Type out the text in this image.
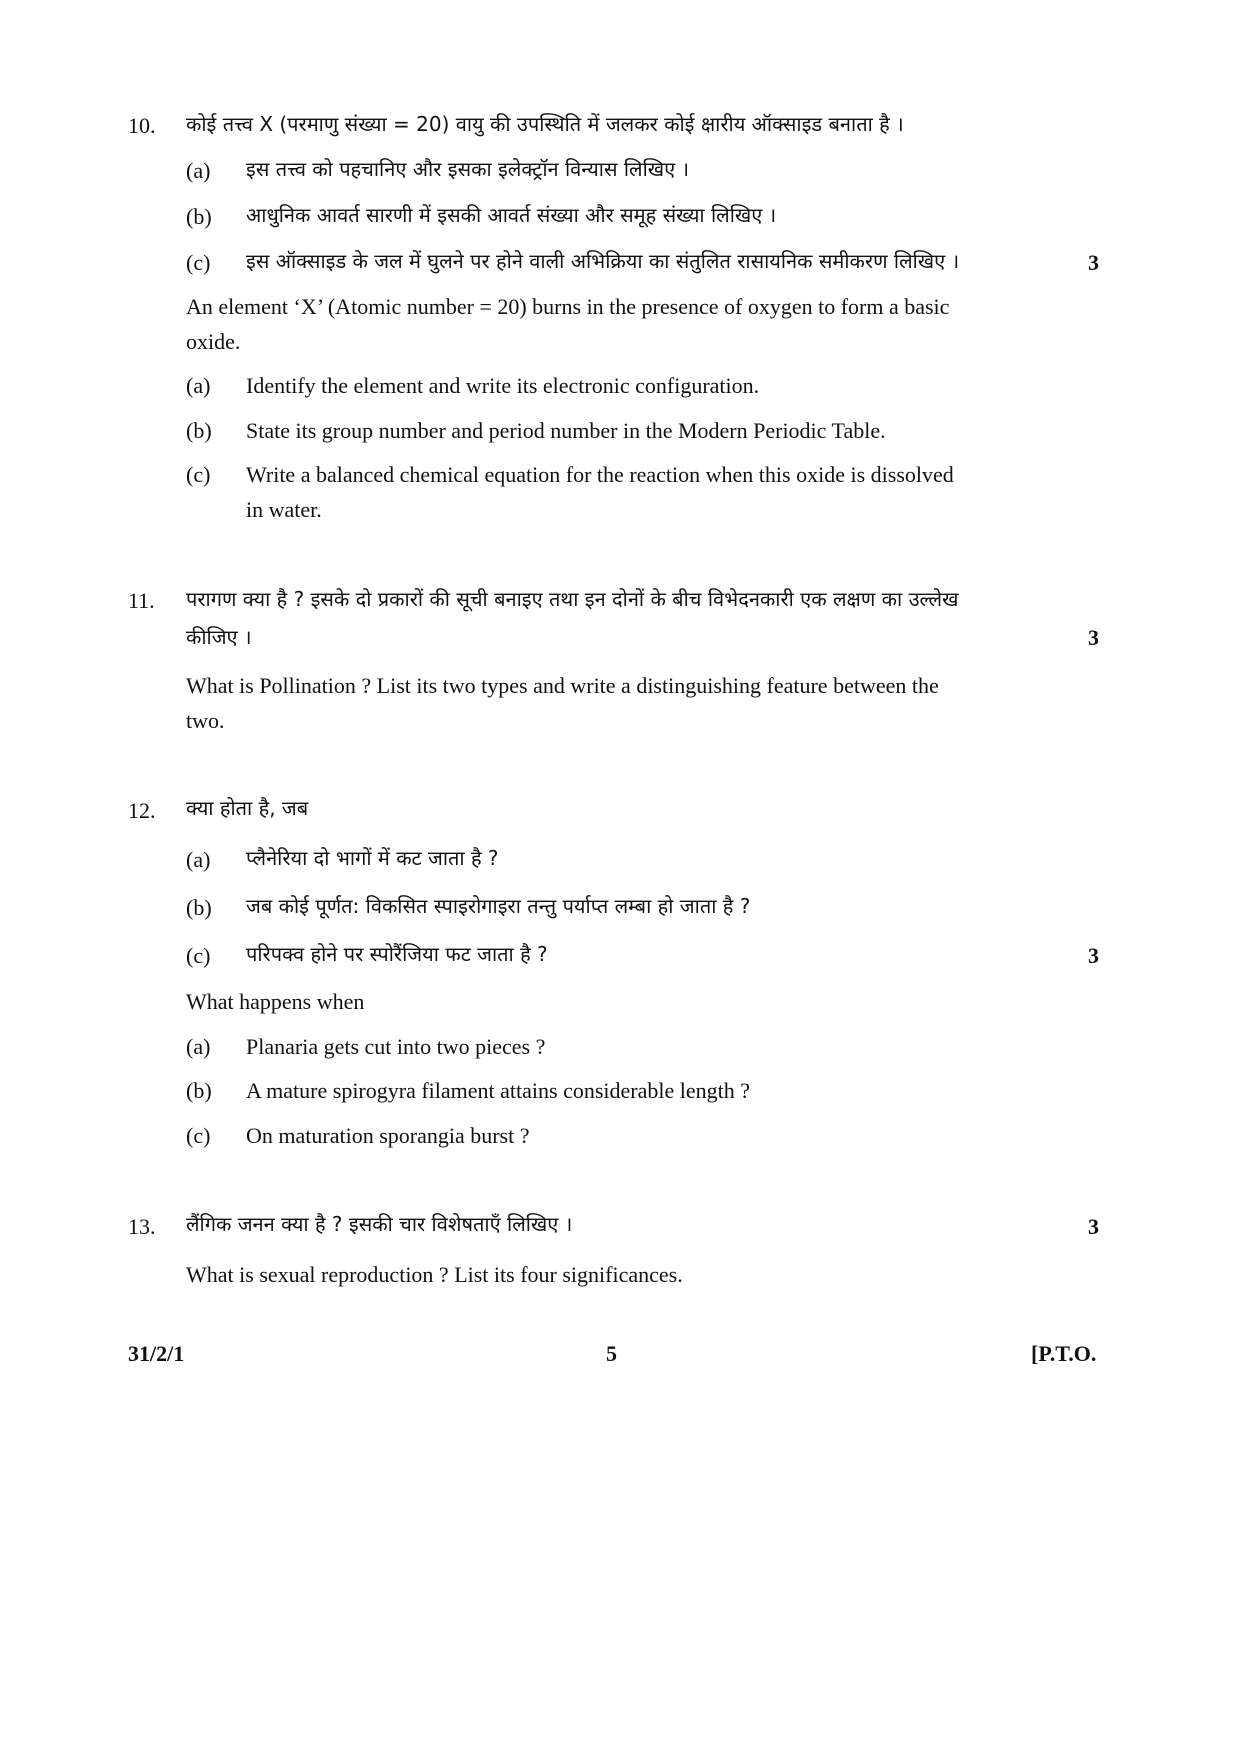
10. कोई तत्त्व X (परमाणु संख्या = 20) वायु की उपस्थिति में जलकर कोई क्षारीय ऑक्साइड बनाता है ।
(a) इस तत्त्व को पहचानिए और इसका इलेक्ट्रॉन विन्यास लिखिए ।
(b) आधुनिक आवर्त सारणी में इसकी आवर्त संख्या और समूह संख्या लिखिए ।
(c) इस ऑक्साइड के जल में घुलने पर होने वाली अभिक्रिया का संतुलित रासायनिक समीकरण लिखिए ।	3
An element ‘X’ (Atomic number = 20) burns in the presence of oxygen to form a basic
oxide.
(a) Identify the element and write its electronic configuration.
(b) State its group number and period number in the Modern Periodic Table.
(c) Write a balanced chemical equation for the reaction when this oxide is dissolved
in water.
11. परागण क्या है ? इसके दो प्रकारों की सूची बनाइए तथा इन दोनों के बीच विभेदनकारी एक लक्षण का उल्लेख
कीजिए ।	3
What is Pollination ? List its two types and write a distinguishing feature between the
two.
12. क्या होता है, जब
(a) प्लैनेरिया दो भागों में कट जाता है ?
(b) जब कोई पूर्णत: विकसित स्पाइरोगाइरा तन्तु पर्याप्त लम्बा हो जाता है ?
(c) परिपक्व होने पर स्पोरैंजिया फट जाता है ?	3
What happens when
(a) Planaria gets cut into two pieces ?
(b) A mature spirogyra filament attains considerable length ?
(c) On maturation sporangia burst ?
13. लैंगिक जनन क्या है ? इसकी चार विशेषताएँ लिखिए ।	3
What is sexual reproduction ? List its four significances.
31/2/1	5	[P.T.O.
